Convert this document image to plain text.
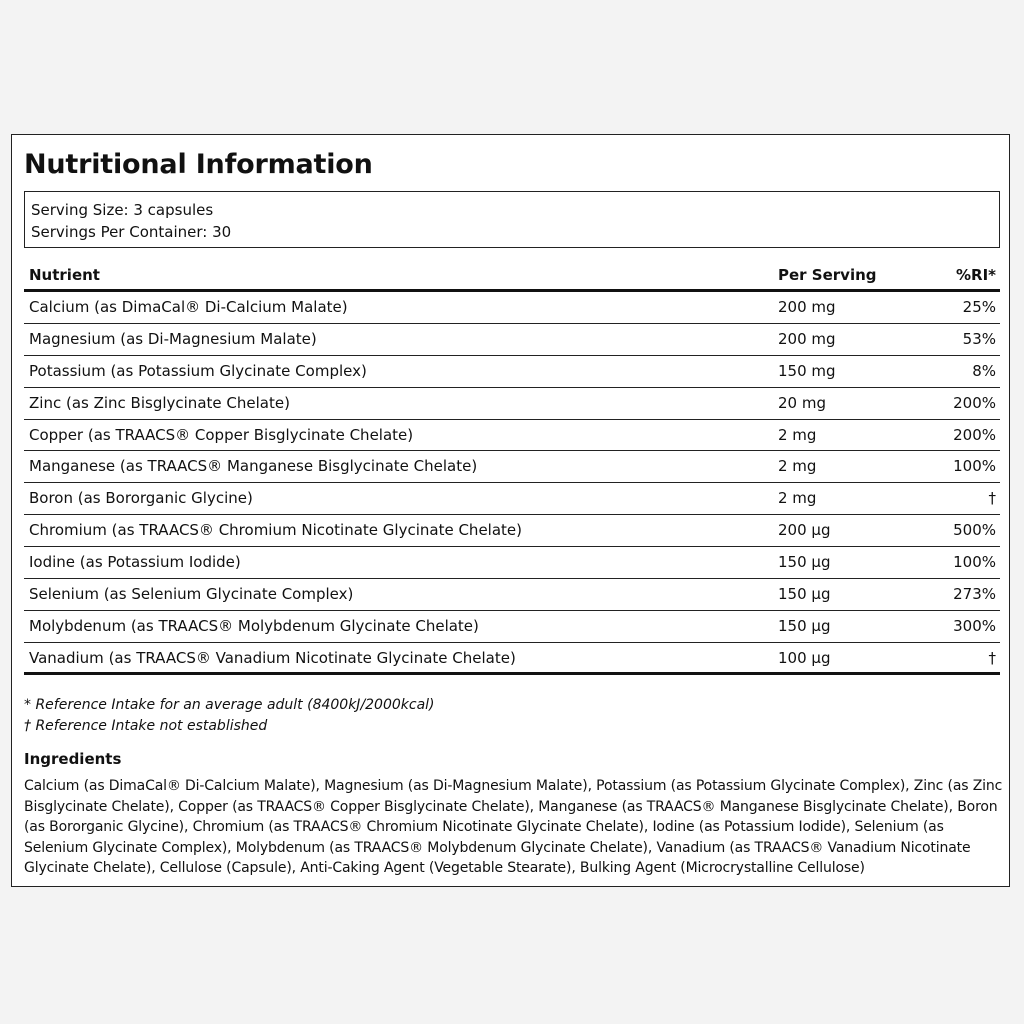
Nutritional Information
Serving Size: 3 capsules
Servings Per Container: 30
Nutrient	Per Serving	%RI*
Calcium (as DimaCal® Di-Calcium Malate)	200 mg	25%
Magnesium (as Di-Magnesium Malate)	200 mg	53%
Potassium (as Potassium Glycinate Complex)	150 mg	8%
Zinc (as Zinc Bisglycinate Chelate)	20 mg	200%
Copper (as TRAACS® Copper Bisglycinate Chelate)	2 mg	200%
Manganese (as TRAACS® Manganese Bisglycinate Chelate)	2 mg	100%
Boron (as Bororganic Glycine)	2 mg	†
Chromium (as TRAACS® Chromium Nicotinate Glycinate Chelate)	200 µg	500%
Iodine (as Potassium Iodide)	150 µg	100%
Selenium (as Selenium Glycinate Complex)	150 µg	273%
Molybdenum (as TRAACS® Molybdenum Glycinate Chelate)	150 µg	300%
Vanadium (as TRAACS® Vanadium Nicotinate Glycinate Chelate)	100 µg	†
* Reference Intake for an average adult (8400kJ/2000kcal)
† Reference Intake not established
Ingredients
Calcium (as DimaCal® Di-Calcium Malate), Magnesium (as Di-Magnesium Malate), Potassium (as Potassium Glycinate Complex), Zinc (as Zinc Bisglycinate Chelate), Copper (as TRAACS® Copper Bisglycinate Chelate), Manganese (as TRAACS® Manganese Bisglycinate Chelate), Boron (as Bororganic Glycine), Chromium (as TRAACS® Chromium Nicotinate Glycinate Chelate), Iodine (as Potassium Iodide), Selenium (as Selenium Glycinate Complex), Molybdenum (as TRAACS® Molybdenum Glycinate Chelate), Vanadium (as TRAACS® Vanadium Nicotinate Glycinate Chelate), Cellulose (Capsule), Anti-Caking Agent (Vegetable Stearate), Bulking Agent (Microcrystalline Cellulose)
